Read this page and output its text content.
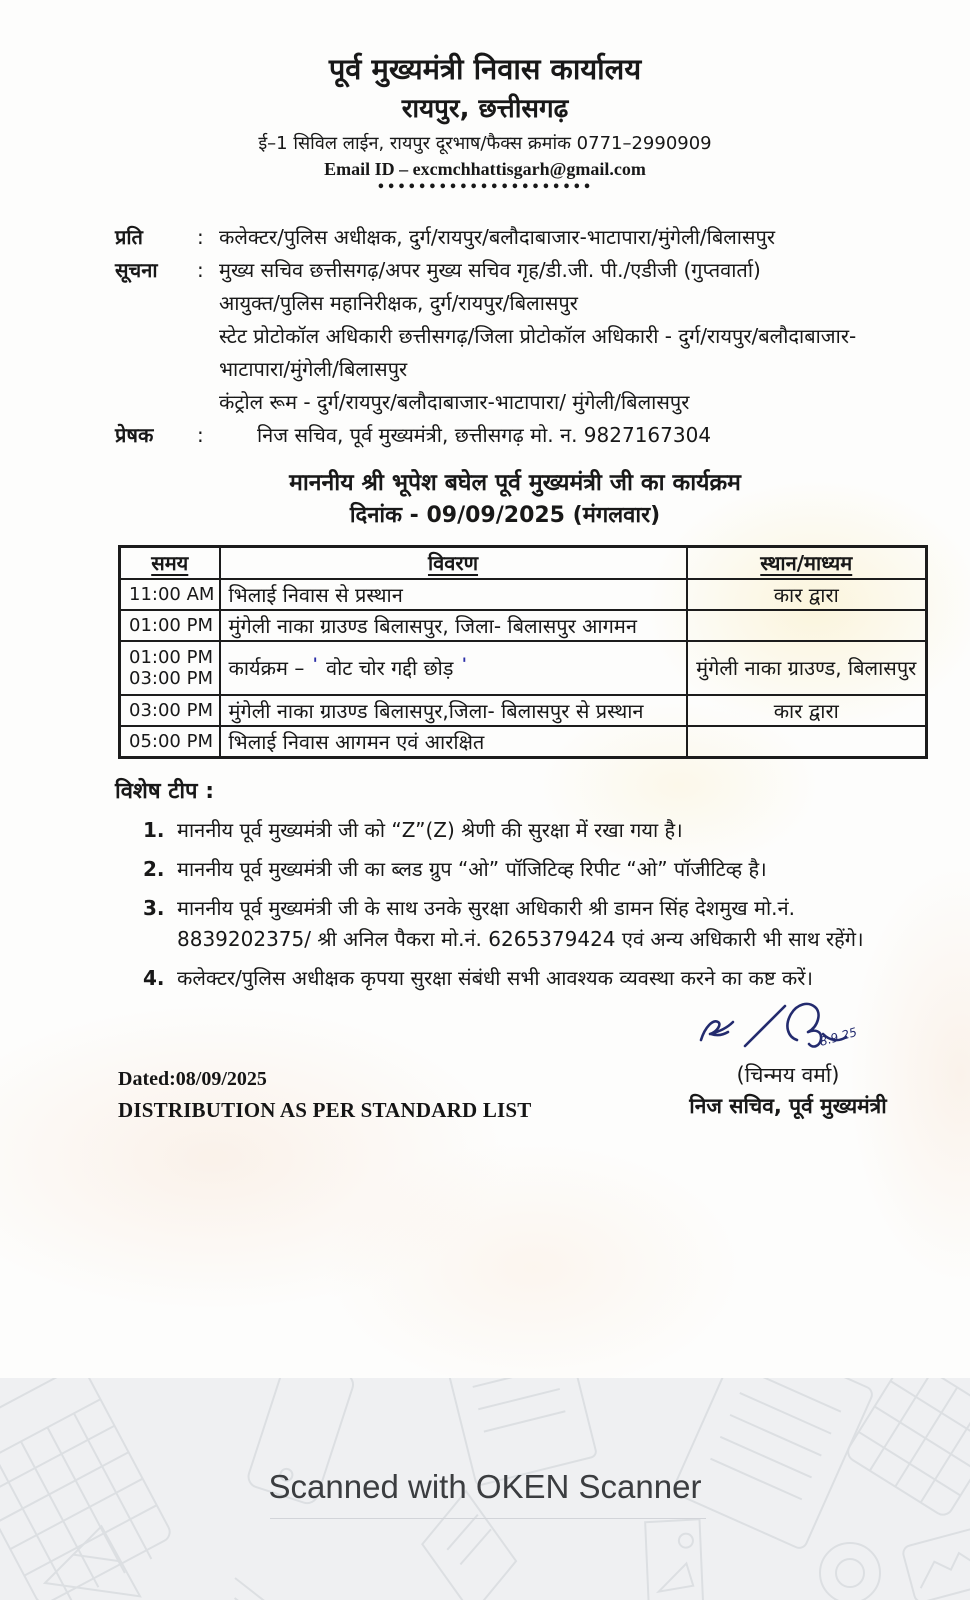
पूर्व मुख्यमंत्री निवास कार्यालय
रायपुर, छत्तीसगढ़
ई–1 सिविल लाईन, रायपुर दूरभाष/फैक्स क्रमांक 0771–2990909
Email ID – excmchhattisgarh@gmail.com
•••••••••••••••••••••
प्रति	: कलेक्टर/पुलिस अधीक्षक, दुर्ग/रायपुर/बलौदाबाजार-भाटापारा/मुंगेली/बिलासपुर
सूचना	: मुख्य सचिव छत्तीसगढ़/अपर मुख्य सचिव गृह/डी.जी. पी./एडीजी (गुप्तवार्ता)
आयुक्त/पुलिस महानिरीक्षक, दुर्ग/रायपुर/बिलासपुर
स्टेट प्रोटोकॉल अधिकारी छत्तीसगढ़/जिला प्रोटोकॉल अधिकारी - दुर्ग/रायपुर/बलौदाबाजार-
भाटापारा/मुंगेली/बिलासपुर
कंट्रोल रूम - दुर्ग/रायपुर/बलौदाबाजार-भाटापारा/ मुंगेली/बिलासपुर
प्रेषक	:	निज सचिव, पूर्व मुख्यमंत्री, छत्तीसगढ़ मो. न. 9827167304
माननीय श्री भूपेश बघेल पूर्व मुख्यमंत्री जी का कार्यक्रम
दिनांक - 09/09/2025 (मंगलवार)
समय	विवरण	स्थान/माध्यम
11:00 AM	भिलाई निवास से प्रस्थान	कार द्वारा
01:00 PM	मुंगेली नाका ग्राउण्ड बिलासपुर, जिला- बिलासपुर आगमन	

01:00 PM
03:00 PM	कार्यक्रम – ' वोट चोर गद्दी छोड़ '	मुंगेली नाका ग्राउण्ड, बिलासपुर
03:00 PM	मुंगेली नाका ग्राउण्ड बिलासपुर,जिला- बिलासपुर से प्रस्थान	कार द्वारा
05:00 PM	भिलाई निवास आगमन एवं आरक्षित	
विशेष टीप :
1. माननीय पूर्व मुख्यमंत्री जी को “Z”(Z) श्रेणी की सुरक्षा में रखा गया है।
2. माननीय पूर्व मुख्यमंत्री जी का ब्लड ग्रुप “ओ” पॉजिटिव्ह रिपीट “ओ” पॉजीटिव्ह है।
3. माननीय पूर्व मुख्यमंत्री जी के साथ उनके सुरक्षा अधिकारी श्री डामन सिंह देशमुख मो.नं. 8839202375/ श्री अनिल पैकरा मो.नं. 6265379424 एवं अन्य अधिकारी भी साथ रहेंगे।
4. कलेक्टर/पुलिस अधीक्षक कृपया सुरक्षा संबंधी सभी आवश्यक व्यवस्था करने का कष्ट करें।
Dated:08/09/2025
DISTRIBUTION AS PER STANDARD LIST
8.9.25
(चिन्मय वर्मा)
निज सचिव, पूर्व मुख्यमंत्री
Scanned with OKEN Scanner
